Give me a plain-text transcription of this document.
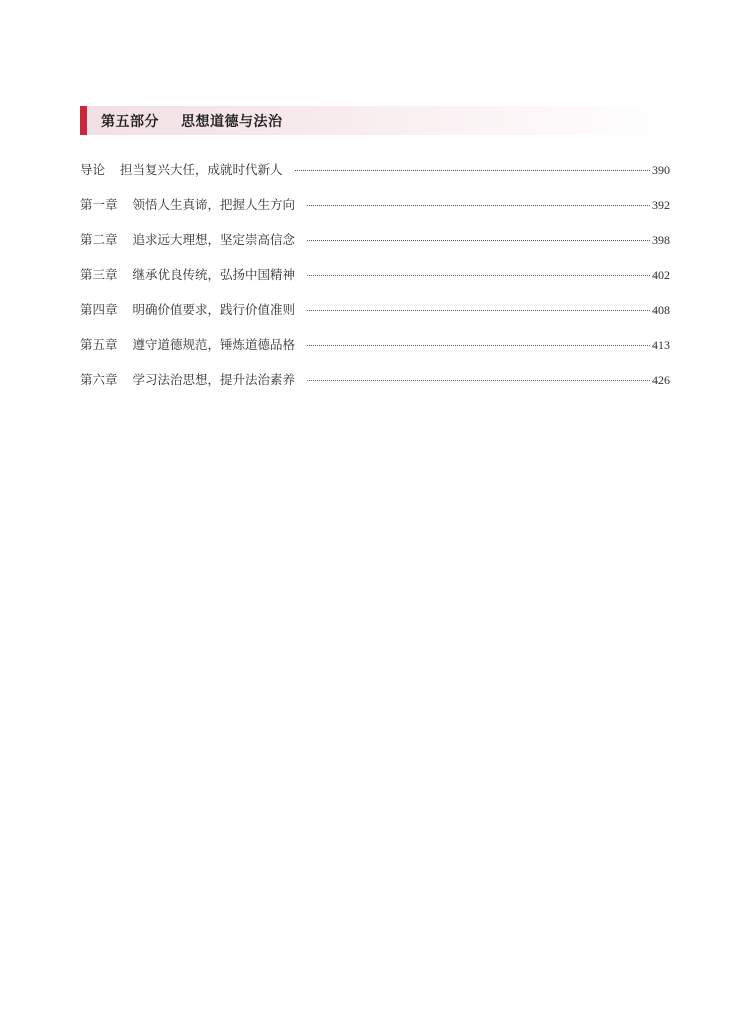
第五部分 思想道德与法治
导论 担当复兴大任，成就时代新人	390
第一章 领悟人生真谛，把握人生方向	392
第二章 追求远大理想，坚定崇高信念	398
第三章 继承优良传统，弘扬中国精神	402
第四章 明确价值要求，践行价值准则	408
第五章 遵守道德规范，锤炼道德品格	413
第六章 学习法治思想，提升法治素养	426
